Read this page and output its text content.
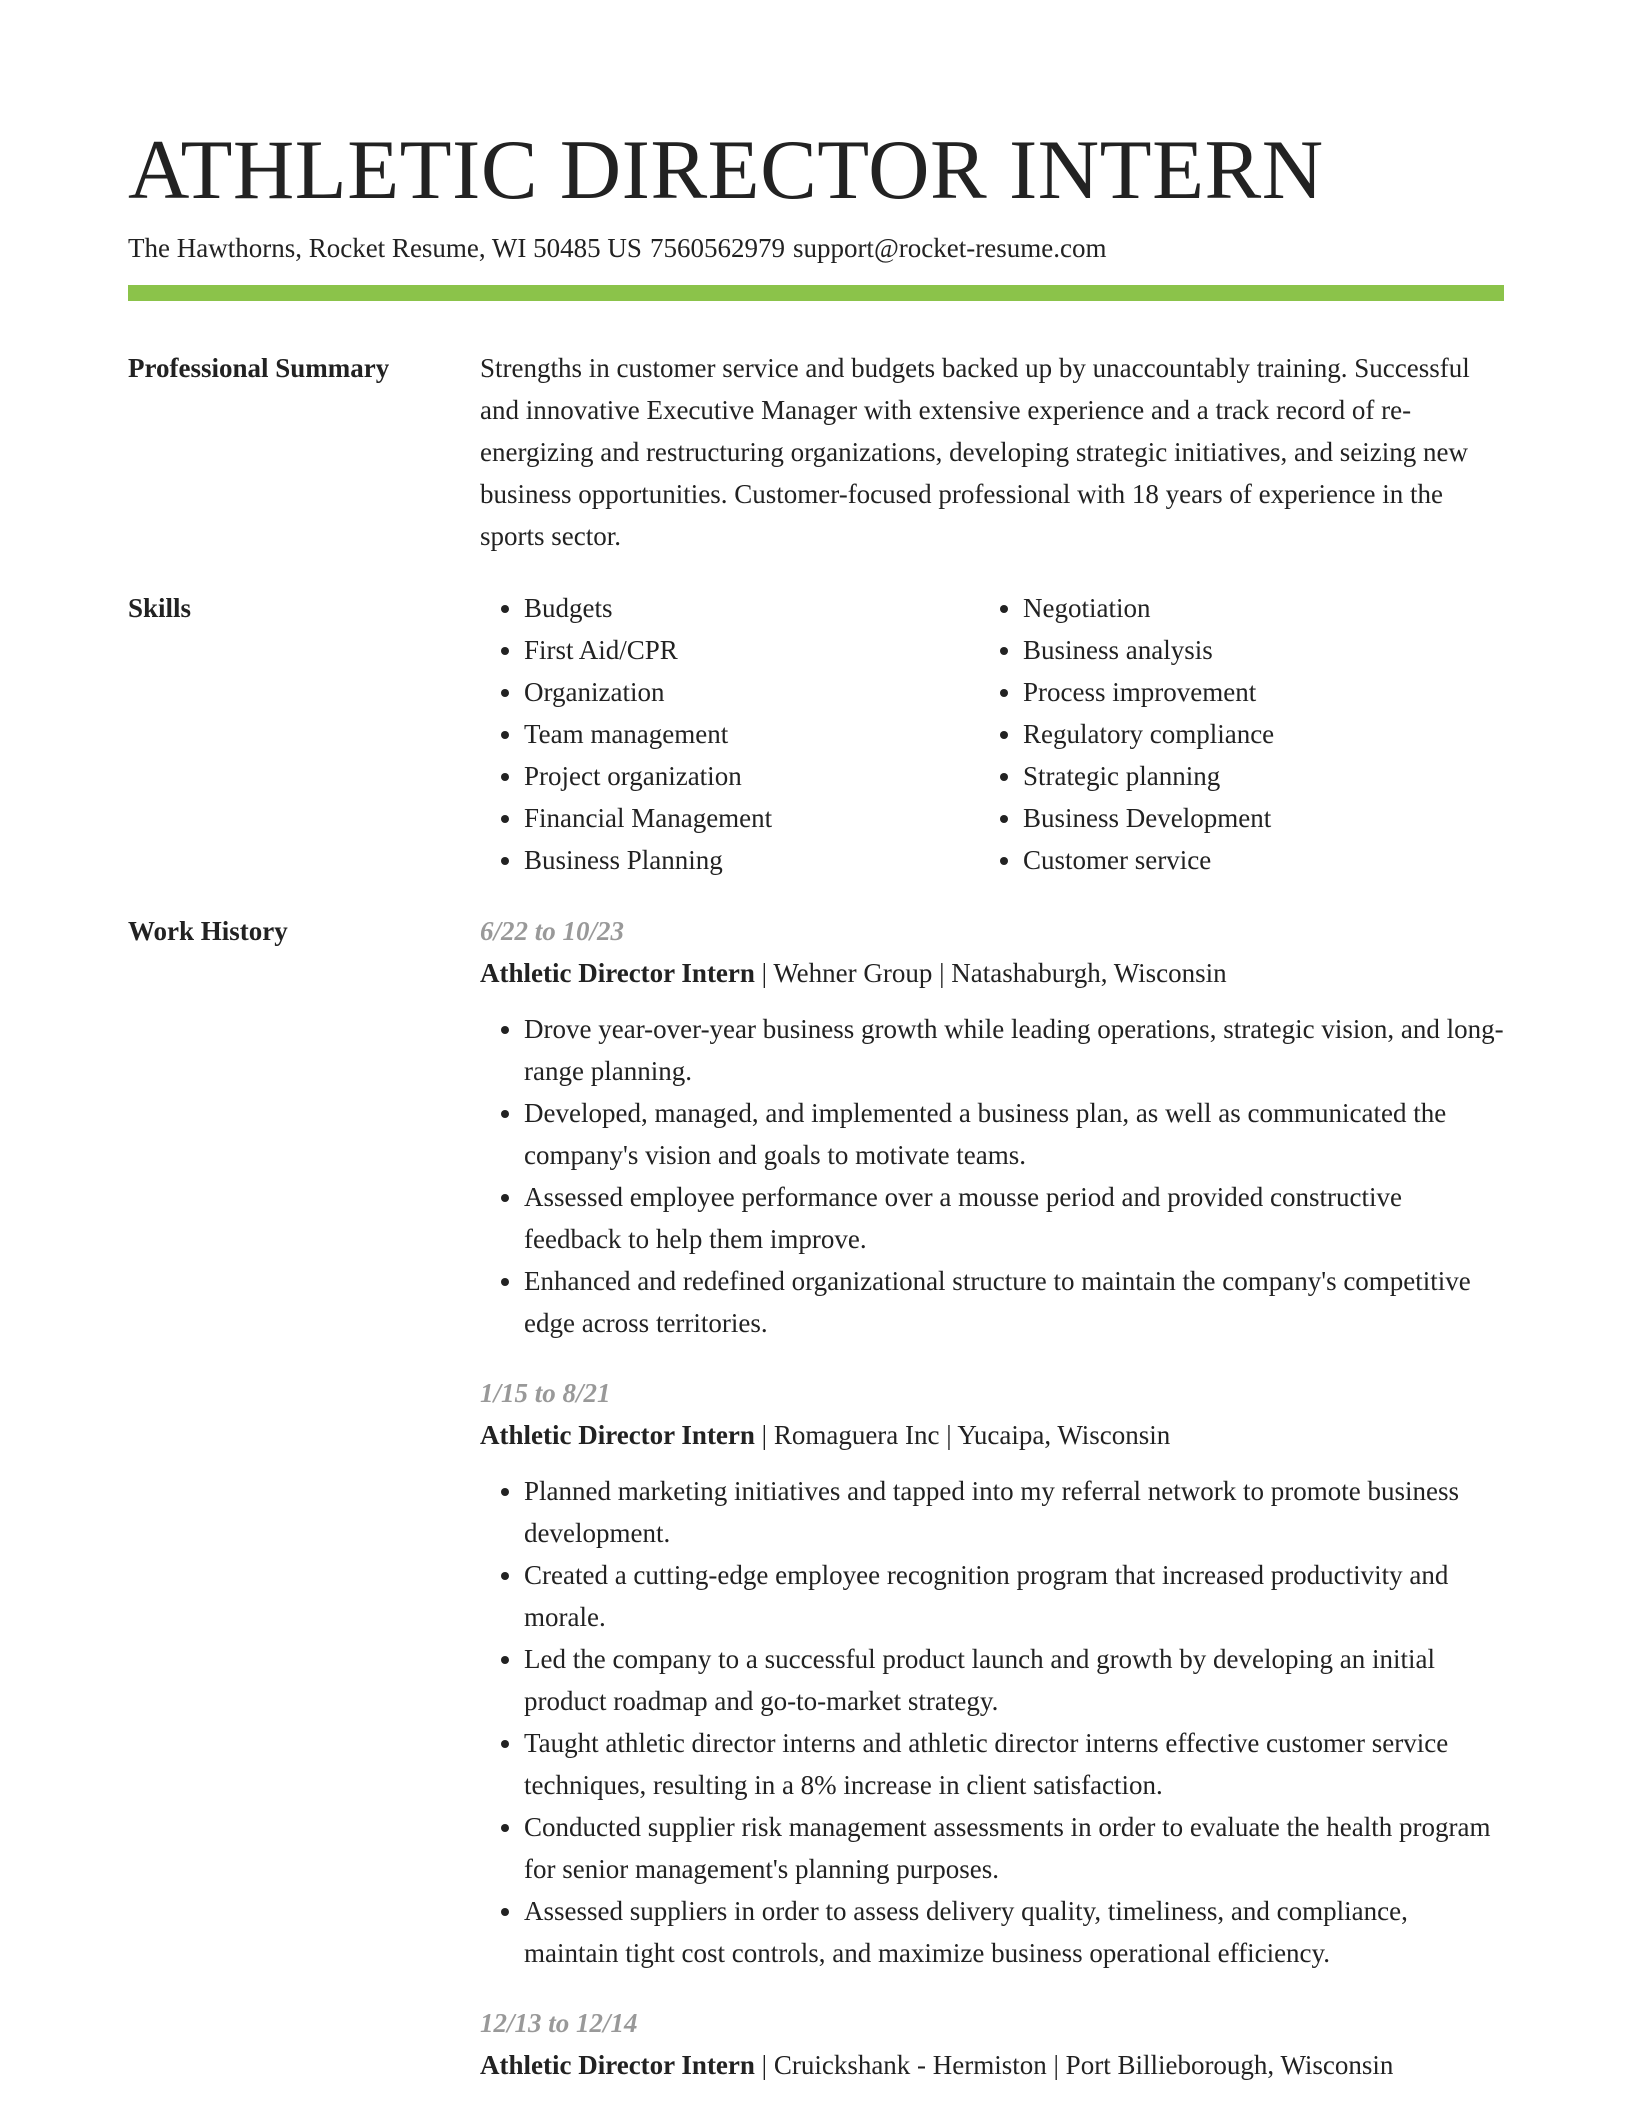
ATHLETIC DIRECTOR INTERN
The Hawthorns, Rocket Resume, WI 50485 US 7560562979 support@rocket-resume.com
Professional Summary	Strengths in customer service and budgets backed up by unaccountably training. Successful and innovative Executive Manager with extensive experience and a track record of re-energizing and restructuring organizations, developing strategic initiatives, and seizing new business opportunities. Customer-focused professional with 18 years of experience in the sports sector.

Skills
•	Budgets
• First Aid/CPR
• Organization
• Team management
• Project organization
• Financial Management
• Business Planning
• Negotiation
• Business analysis
• Process improvement
• Regulatory compliance
• Strategic planning
• Business Development
• Customer service
Work History	6/22 to 10/23
Athletic Director Intern | Wehner Group | Natashaburgh, Wisconsin
• Drove year-over-year business growth while leading operations, strategic vision, and long-range planning.
• Developed, managed, and implemented a business plan, as well as communicated the company's vision and goals to motivate teams.
• Assessed employee performance over a mousse period and provided constructive feedback to help them improve.
• Enhanced and redefined organizational structure to maintain the company's competitive edge across territories.
1/15 to 8/21
Athletic Director Intern | Romaguera Inc | Yucaipa, Wisconsin
• Planned marketing initiatives and tapped into my referral network to promote business development.
• Created a cutting-edge employee recognition program that increased productivity and morale.
• Led the company to a successful product launch and growth by developing an initial product roadmap and go-to-market strategy.
• Taught athletic director interns and athletic director interns effective customer service techniques, resulting in a 8% increase in client satisfaction.
• Conducted supplier risk management assessments in order to evaluate the health program for senior management's planning purposes.
• Assessed suppliers in order to assess delivery quality, timeliness, and compliance, maintain tight cost controls, and maximize business operational efficiency.
12/13 to 12/14
Athletic Director Intern | Cruickshank - Hermiston | Port Billieborough, Wisconsin
